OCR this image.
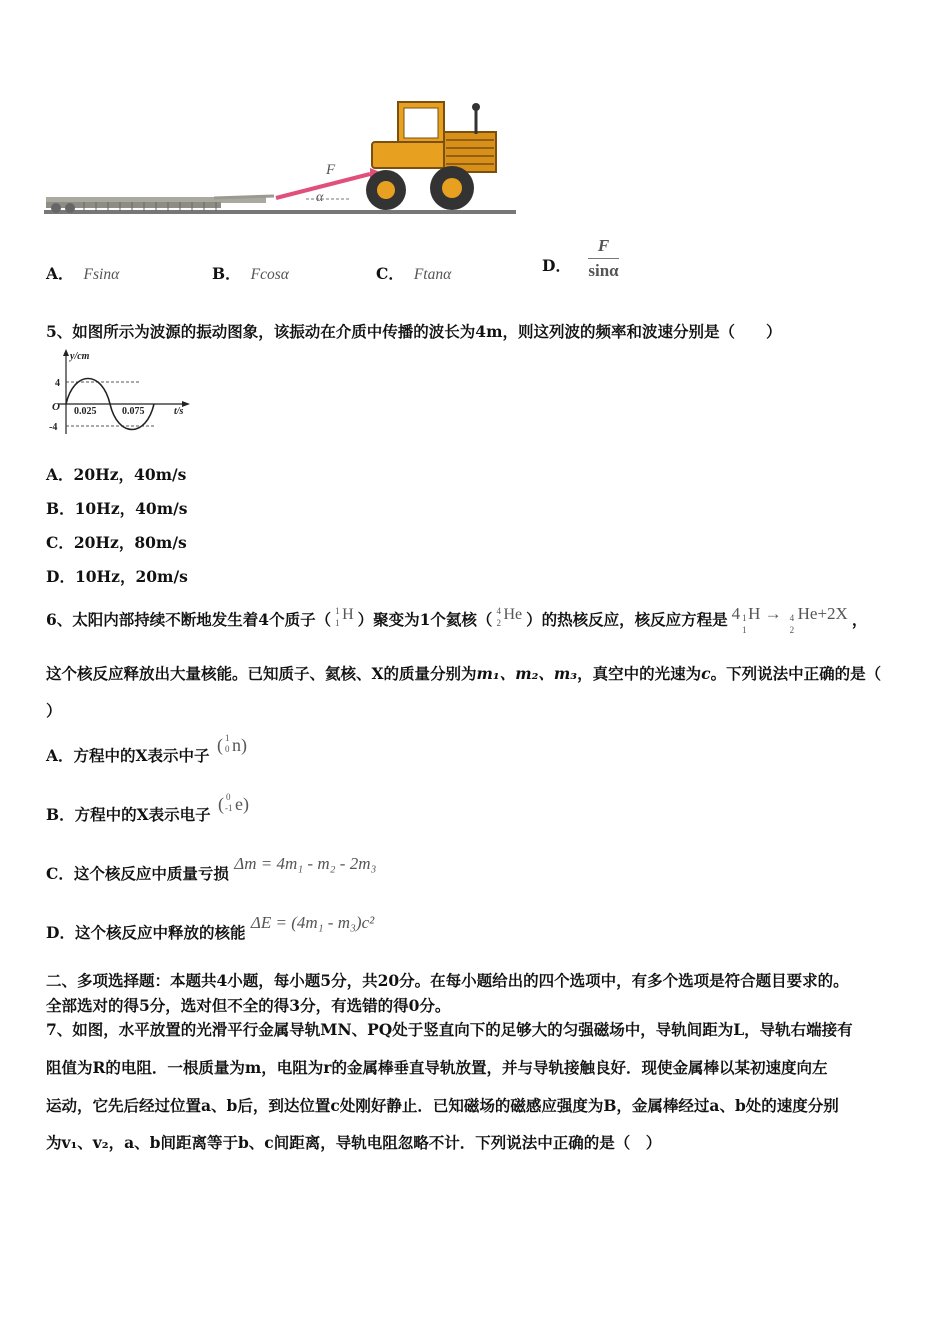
F
α
A． Fsinα	B． Fcosα	C． Ftanα	D． $\frac{F}{\sin\alpha}$
5、如图所示为波源的振动图象，该振动在介质中传播的波长为4m，则这列波的频率和波速分别是（　　）
y/cm
t/s
O
4
-4
0.025	0.075
A．20Hz，40m/s
B．10Hz，40m/s
C．20Hz，80m/s
D．10Hz，20m/s
6、太阳内部持续不断地发生着4个质子（ 1
1 H ）聚变为1个氦核（ 4
2 He ）的热核反应，核反应方程是 4 1
1
H → 4
2
He+2X ，
这个核反应释放出大量核能。已知质子、氦核、X的质量分别为m₁、m₂、m₃，真空中的光速为c。下列说法中正确的是（
）
A．方程中的X表示中子 ( 1
0 n)
B．方程中的X表示电子 ( 0
-1 e)
C．这个核反应中质量亏损 Δm = 4m₁ - m₂ - 2m₃
D．这个核反应中释放的核能 ΔE = (4m₁ - m₃)c²
二、多项选择题：本题共4小题，每小题5分，共20分。在每小题给出的四个选项中，有多个选项是符合题目要求的。
全部选对的得5分，选对但不全的得3分，有选错的得0分。
7、如图，水平放置的光滑平行金属导轨MN、PQ处于竖直向下的足够大的匀强磁场中，导轨间距为L，导轨右端接有
阻值为R的电阻．一根质量为m，电阻为r的金属棒垂直导轨放置，并与导轨接触良好．现使金属棒以某初速度向左
运动，它先后经过位置a、b后，到达位置c处刚好静止．已知磁场的磁感应强度为B，金属棒经过a、b处的速度分别
为v₁、v₂，a、b间距离等于b、c间距离，导轨电阻忽略不计．下列说法中正确的是（　）
